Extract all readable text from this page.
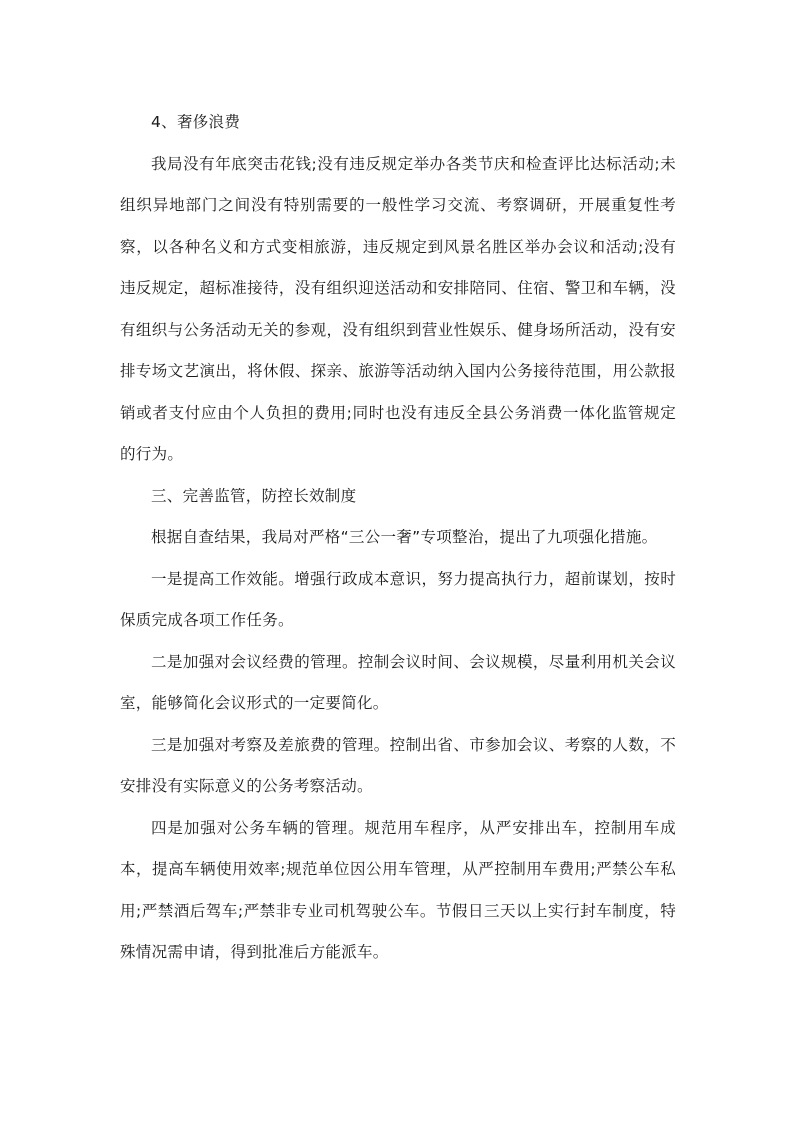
4、奢侈浪费

我局没有年底突击花钱;没有违反规定举办各类节庆和检查评比达标活动;未组织异地部门之间没有特别需要的一般性学习交流、考察调研，开展重复性考察，以各种名义和方式变相旅游，违反规定到风景名胜区举办会议和活动;没有违反规定，超标准接待，没有组织迎送活动和安排陪同、住宿、警卫和车辆，没有组织与公务活动无关的参观，没有组织到营业性娱乐、健身场所活动，没有安排专场文艺演出，将休假、探亲、旅游等活动纳入国内公务接待范围，用公款报销或者支付应由个人负担的费用;同时也没有违反全县公务消费一体化监管规定的行为。

三、完善监管，防控长效制度

根据自查结果，我局对严格“三公一奢”专项整治，提出了九项强化措施。

一是提高工作效能。增强行政成本意识，努力提高执行力，超前谋划，按时保质完成各项工作任务。

二是加强对会议经费的管理。控制会议时间、会议规模，尽量利用机关会议室，能够简化会议形式的一定要简化。

三是加强对考察及差旅费的管理。控制出省、市参加会议、考察的人数，不安排没有实际意义的公务考察活动。

四是加强对公务车辆的管理。规范用车程序，从严安排出车，控制用车成本，提高车辆使用效率;规范单位因公用车管理，从严控制用车费用;严禁公车私用;严禁酒后驾车;严禁非专业司机驾驶公车。节假日三天以上实行封车制度，特殊情况需申请，得到批准后方能派车。
